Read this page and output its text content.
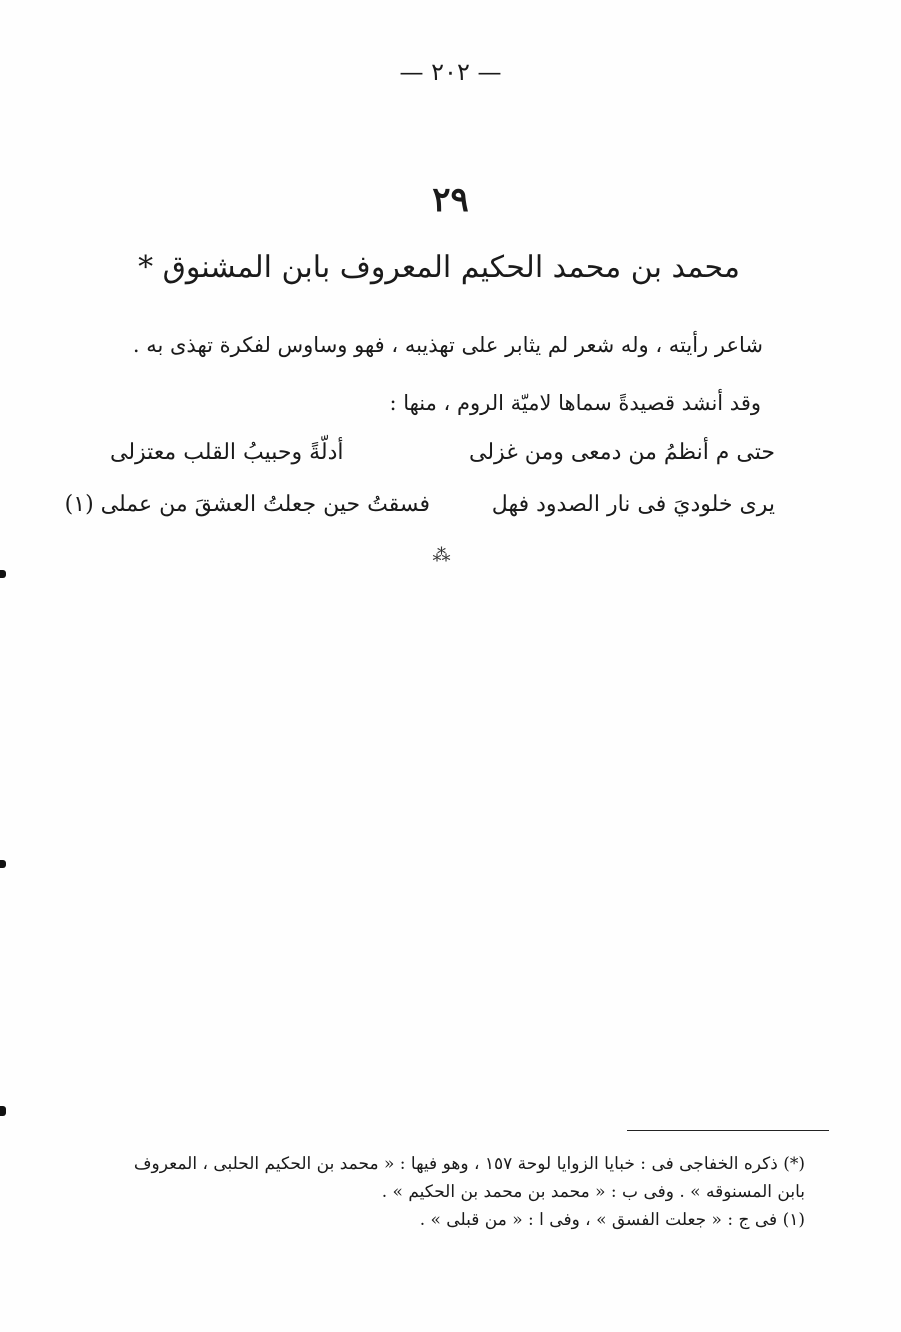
— ٢٠٢ —
٢٩
محمد بن محمد الحكيم المعروف بابن المشنوق *
شاعر رأيته ، وله شعر لم يثابر على تهذيبه ، فهو وساوس لفكرة تهذى به .
وقد أنشد قصيدةً سماها لاميّة الروم ، منها :
حتى م أنظمُ من دمعى ومن غزلى
أدلّةً وحبيبُ القلب معتزلى
يرى خلوديَ فى نار الصدود فهل
فسقتُ حين جعلتُ العشقَ من عملى (١)
⁂
(*) ذكره الخفاجى فى : خبايا الزوايا لوحة ١٥٧ ، وهو فيها : « محمد بن الحكيم الحلبى ، المعروف
بابن المسنوقه » . وفى ب : « محمد بن محمد بن الحكيم » .
(١) فى ج : « جعلت الفسق » ، وفى ا : « من قبلى » .
